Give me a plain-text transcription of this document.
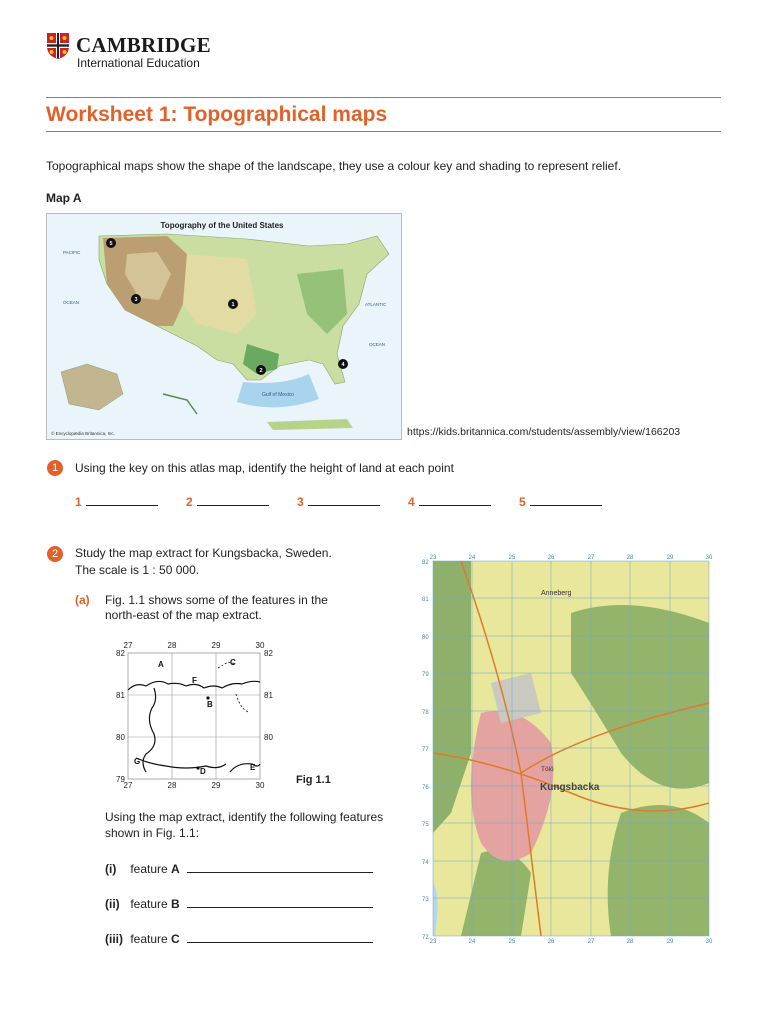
CAMBRIDGE
International Education
Worksheet 1: Topographical maps
Topographical maps show the shape of the landscape, they use a colour key and shading to represent relief.
Map A
Topography of the United States
Gulf of Mexico
PACIFIC
OCEAN	ATLANTIC
OCEAN
1
2
3
4
5
© Encyclopædia Britannica, Inc.	https://kids.britannica.com/students/assembly/view/166203
1	Using the key on this atlas map, identify the height of land at each point
1	2	3	4	5
2	Study the map extract for Kungsbacka, Sweden.
The scale is 1 : 50 000.
(a) Fig. 1.1 shows some of the features in the
north-east of the map extract.
27	28	29	30
27	28	29	30
82
81
80
79
82
81
80
A
B
C
D	E
F
G
Fig 1.1
Using the map extract, identify the following features
shown in Fig. 1.1:
(i) feature A
(ii) feature B
(iii) feature C
23	24	25	26	27	28	29	30
23	24	25	26	27	28	29	30
82
81
80
79
78
77
76
75
74
73
72
Anneberg
Kungsbacka
Tölö
